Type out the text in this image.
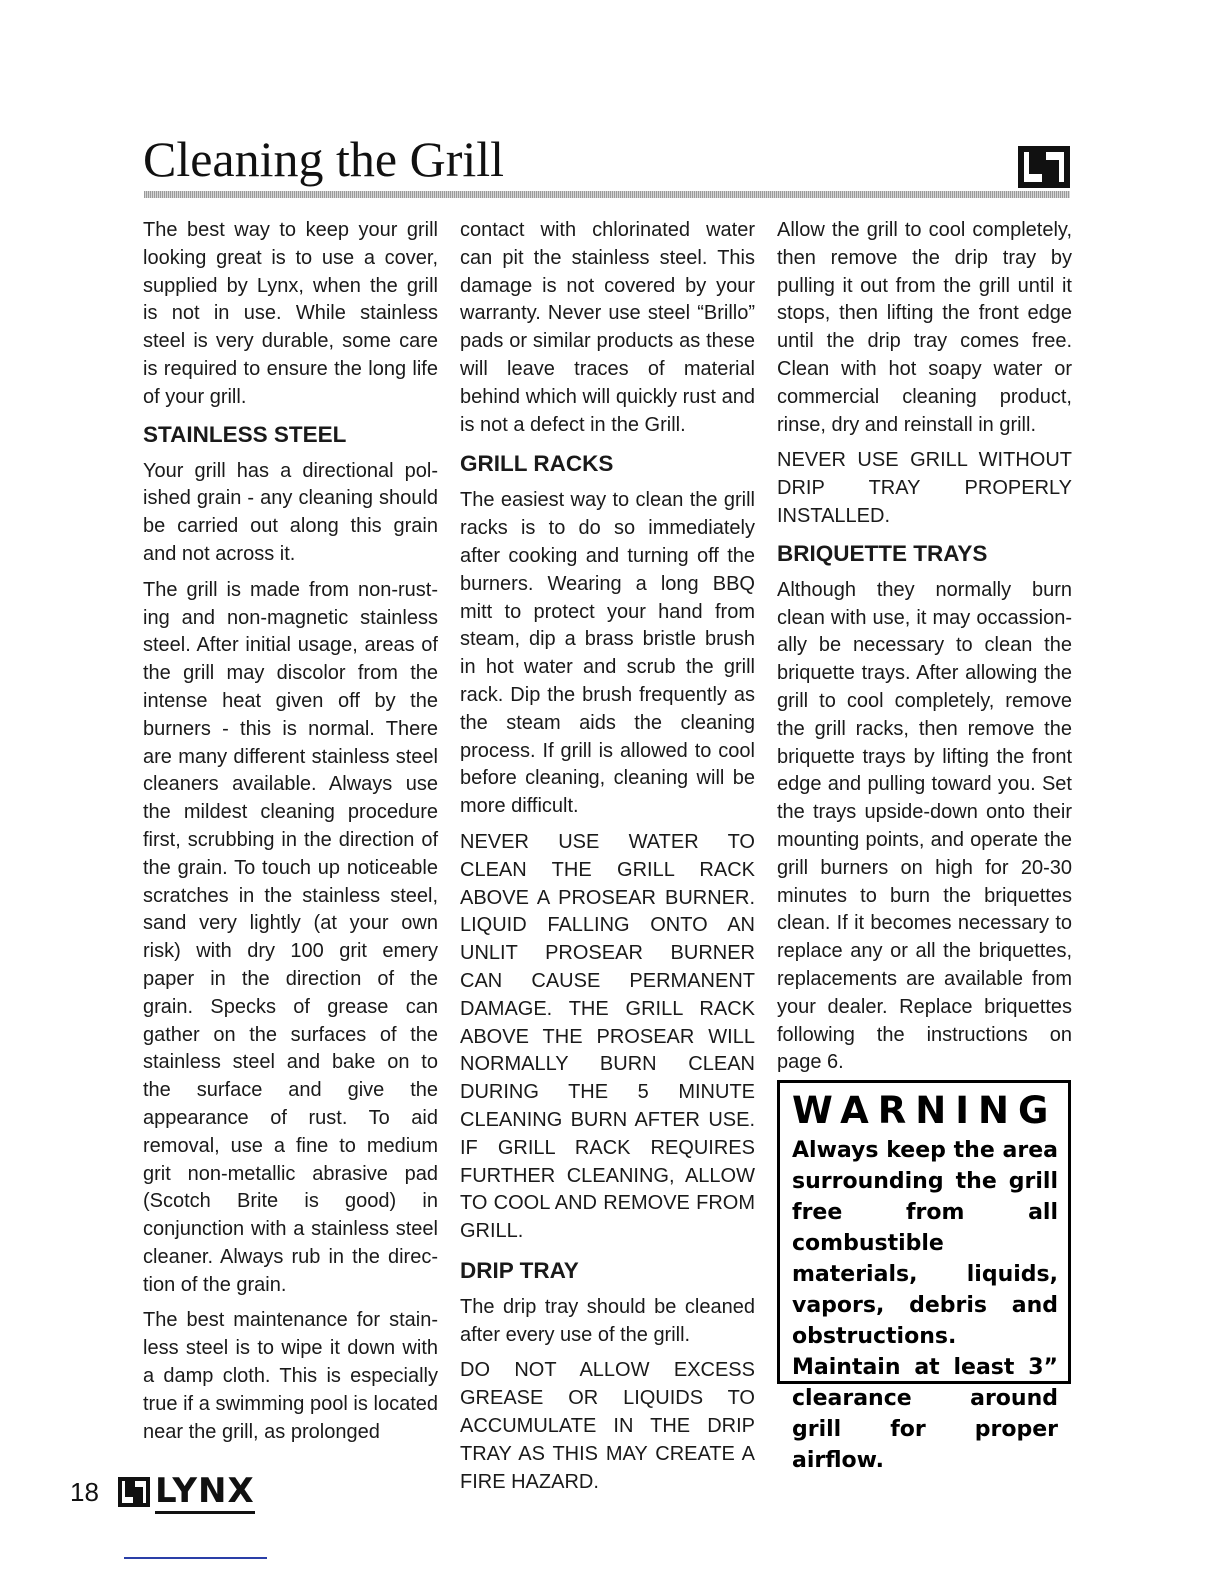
Cleaning the Grill

The best way to keep your grill looking great is to use a cover, supplied by Lynx, when the grill is not in use. While stainless steel is very durable, some care is required to ensure the long life of your grill.

STAINLESS STEEL

Your grill has a directional polished grain - any cleaning should be carried out along this grain and not across it.

The grill is made from non-rusting and non-magnetic stainless steel. After initial usage, areas of the grill may discolor from the intense heat given off by the burners - this is normal. There are many different stainless steel cleaners available. Always use the mildest cleaning procedure first, scrubbing in the direction of the grain. To touch up noticeable scratches in the stainless steel, sand very lightly (at your own risk) with dry 100 grit emery paper in the direction of the grain. Specks of grease can gather on the surfaces of the stainless steel and bake on to the surface and give the appearance of rust. To aid removal, use a fine to medium grit non-metallic abrasive pad (Scotch Brite is good) in conjunction with a stainless steel cleaner. Always rub in the direction of the grain.

The best maintenance for stainless steel is to wipe it down with a damp cloth. This is especially true if a swimming pool is located near the grill, as prolonged

contact with chlorinated water can pit the stainless steel. This damage is not covered by your warranty. Never use steel “Brillo” pads or similar products as these will leave traces of material behind which will quickly rust and is not a defect in the Grill.

GRILL RACKS

The easiest way to clean the grill racks is to do so immediately after cooking and turning off the burners. Wearing a long BBQ mitt to protect your hand from steam, dip a brass bristle brush in hot water and scrub the grill rack. Dip the brush frequently as the steam aids the cleaning process. If grill is allowed to cool before cleaning, cleaning will be more difficult.

NEVER USE WATER TO CLEAN THE GRILL RACK ABOVE A PROSEAR BURNER. LIQUID FALLING ONTO AN UNLIT PROSEAR BURNER CAN CAUSE PERMANENT DAMAGE. THE GRILL RACK ABOVE THE PROSEAR WILL NORMALLY BURN CLEAN DURING THE 5 MINUTE CLEANING BURN AFTER USE. IF GRILL RACK REQUIRES FURTHER CLEANING, ALLOW TO COOL AND REMOVE FROM GRILL.

DRIP TRAY

The drip tray should be cleaned after every use of the grill.

DO NOT ALLOW EXCESS GREASE OR LIQUIDS TO ACCUMULATE IN THE DRIP TRAY AS THIS MAY CREATE A FIRE HAZARD.

Allow the grill to cool completely, then remove the drip tray by pulling it out from the grill until it stops, then lifting the front edge until the drip tray comes free. Clean with hot soapy water or commercial cleaning product, rinse, dry and reinstall in grill.

NEVER USE GRILL WITHOUT DRIP TRAY PROPERLY INSTALLED.

BRIQUETTE TRAYS

Although they normally burn clean with use, it may occassionally be necessary to clean the briquette trays. After allowing the grill to cool completely, remove the grill racks, then remove the briquette trays by lifting the front edge and pulling toward you. Set the trays upside-down onto their mounting points, and operate the grill burners on high for 20-30 minutes to burn the briquettes clean. If it becomes necessary to replace any or all the briquettes, replacements are available from your dealer. Replace briquettes following the instructions on page 6.

WARNING

Always keep the area surrounding the grill free from all combustible materials, liquids, vapors, debris and obstructions. Maintain at least 3” clearance around grill for proper airflow.

18 LYNX
